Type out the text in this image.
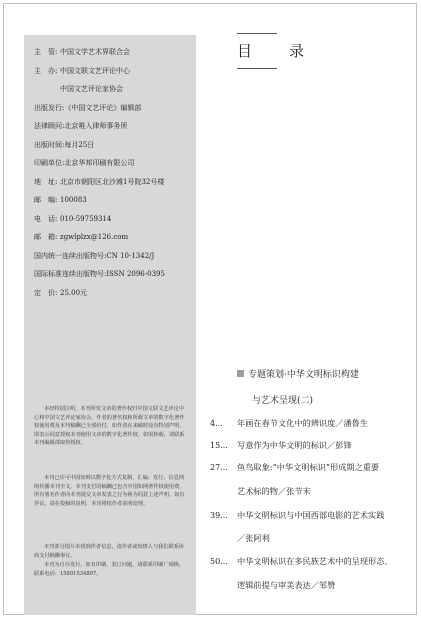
主　管: 中国文学艺术界联合会
主　办: 中国文联文艺评论中心
中国文艺评论家协会
出版发行:《中国文艺评论》编辑部
法律顾问:北京唯入律师事务所
出版时间:每月25日
印刷单位:北京华邦印刷有限公司
地　址: 北京市朝阳区北沙滩1号院32号楼
邮　编: 100083
电　话: 010-59759314
邮　箱: zgwlplzx@126.com
国内统一连续出版物号:CN 10-1342/J
国际标准连续出版物号:ISSN 2096-0395
定　价: 25.00元

本经特别注明，本刊所发文章的著作权归中国文联文艺评论中心和中国文艺评论家协会，作者的著名权和所载文章的数字化著作权使用费及本刊稿酬已全部给付。如作者在来稿时没有特别声明，即表示同意授权本刊使用文章的数字化著作权。如需转载，请联系本刊编辑部取得授权。

本刊已许可中国知网以数字化方式复制、汇编、发行、信息网络传播本刊全文。本刊支付的稿酬已包含中国知网著作权使用费，所有署名作者向本刊提交文章发表之行为视为同意上述声明。如有异议，请在投稿时说明，本刊将按作者说明处理。

本刊部分图片未找到作者信息，请作者或知情人与我们联系协商支付稿酬事宜。

本刊为自办发行。如有印刷、装订问题，请联系印刷厂调换，联系电话：15801534897。

目　录
专题策划·中华文明标识构建
与艺术呈现(二)
4... 年画在春节文化中的辨识度／潘鲁生
15... 写意作为中华文明的标识／彭锋
27... 鱼鸟取象:“中华文明标识”形成期之重要
艺术标的物／张节末
39... 中华文明标识与中国西部电影的艺术实践
／张阿利
50... 中华文明标识在多民族艺术中的呈现形态、
逻辑前提与审美表达／邹赞
